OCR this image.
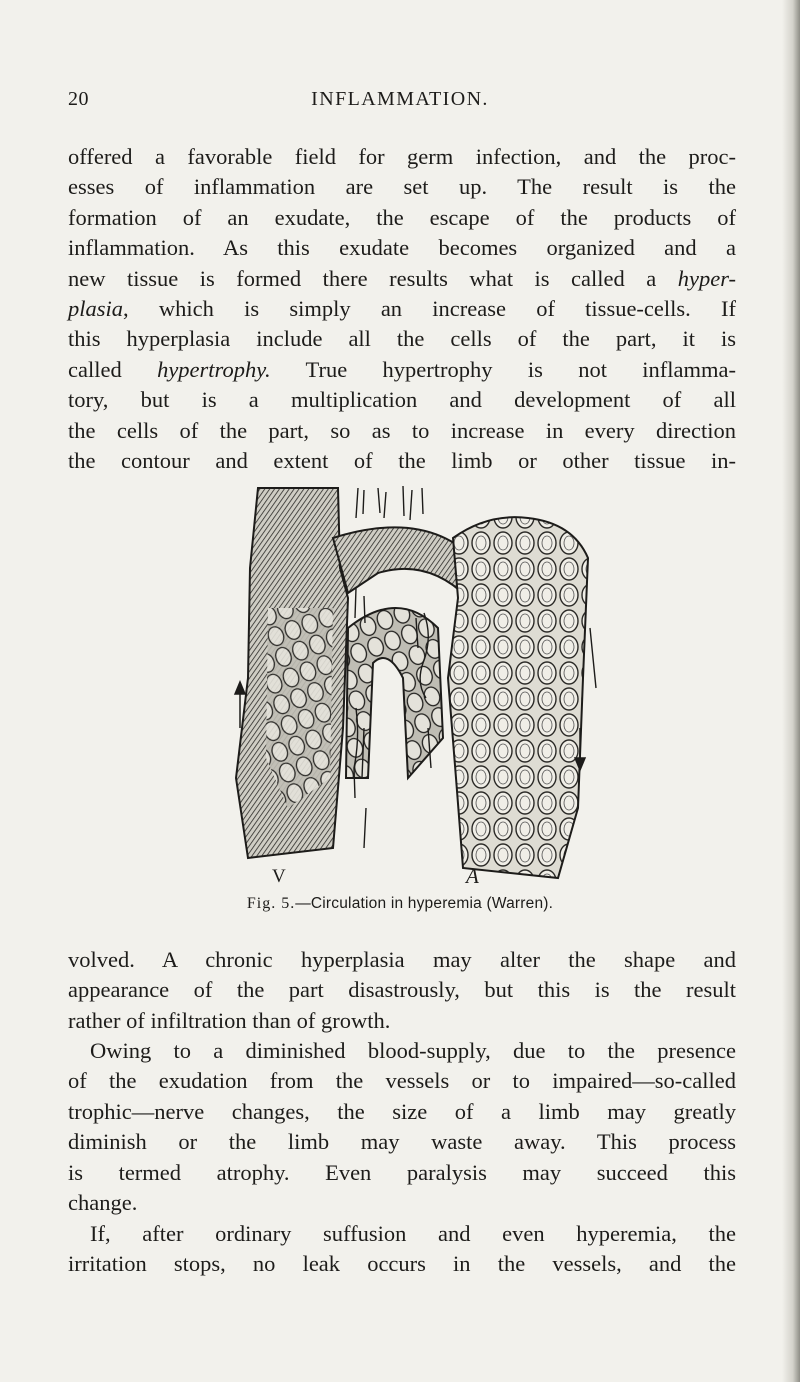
20	INFLAMMATION.
offered a favorable field for germ infection, and the proc-
esses of inflammation are set up. The result is the
formation of an exudate, the escape of the products of
inflammation. As this exudate becomes organized and a
new tissue is formed there results what is called a hyper-
plasia, which is simply an increase of tissue-cells. If
this hyperplasia include all the cells of the part, it is
called hypertrophy. True hypertrophy is not inflamma-
tory, but is a multiplication and development of all
the cells of the part, so as to increase in every direction
the contour and extent of the limb or other tissue in-
V	A
Fig. 5.—Circulation in hyperemia (Warren).
volved. A chronic hyperplasia may alter the shape and
appearance of the part disastrously, but this is the result
rather of infiltration than of growth.
Owing to a diminished blood-supply, due to the presence
of the exudation from the vessels or to impaired—so-called
trophic—nerve changes, the size of a limb may greatly
diminish or the limb may waste away. This process
is termed atrophy. Even paralysis may succeed this
change.
If, after ordinary suffusion and even hyperemia, the
irritation stops, no leak occurs in the vessels, and the
